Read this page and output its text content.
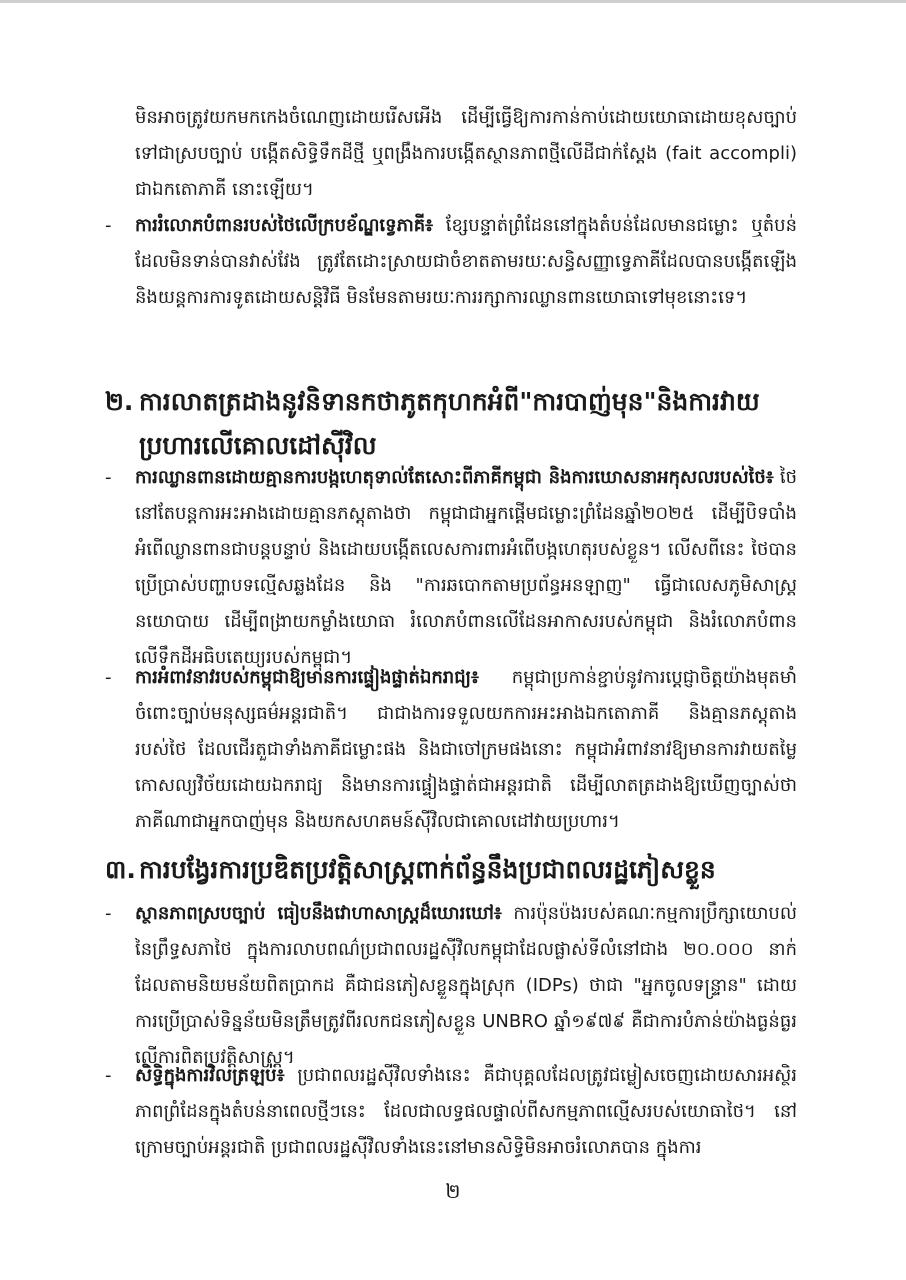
មិនអាចត្រូវយកមកកេងចំណេញដោយរើសអើង ដើម្បីធ្វើឱ្យការកាន់កាប់ដោយយោធាដោយខុសច្បាប់ទៅជាស្របច្បាប់ បង្កើតសិទ្ធិទឹកដីថ្មី ឬពង្រឹងការបង្កើតស្ថានភាពថ្មីលើដីជាក់ស្តែង (fait accompli) ជាឯកតោភាគី នោះឡើយ។

-	ការរំលោភបំពានរបស់ថៃលើក្របខ័ណ្ឌទ្វេភាគី៖ ខ្សែបន្ទាត់ព្រំដែននៅក្នុងតំបន់ដែលមានជម្លោះ ឬតំបន់ដែលមិនទាន់បានវាស់វែង ត្រូវតែដោះស្រាយជាចំខាតតាមរយៈសន្ធិសញ្ញាទ្វេភាគីដែលបានបង្កើតឡើង និងយន្តការការទូតដោយសន្តិវិធី មិនមែនតាមរយៈការរក្សាការឈ្លានពានយោធាទៅមុខនោះទេ។
២. ការលាតត្រដាងនូវនិទានកថាភូតកុហកអំពី"ការបាញ់មុន"និងការវាយប្រហារលើគោលដៅស៊ីវិល
-	ការឈ្លានពានដោយគ្មានការបង្កហេតុទាល់តែសោះពីភាគីកម្ពុជា និងការឃោសនាអកុសលរបស់ថៃ៖ ថៃនៅតែបន្តការអះអាងដោយគ្មានភស្តុតាងថា កម្ពុជាជាអ្នកផ្តើមជម្លោះព្រំដែនឆ្នាំ២០២៥ ដើម្បីបិទបាំងអំពើឈ្លានពានជាបន្តបន្ទាប់ និងដោយបង្កើតលេសការពារអំពើបង្កហេតុរបស់ខ្លួន។ លើសពីនេះ ថៃបានប្រើប្រាស់បញ្ហាបទល្មើសឆ្លងដែន និង "ការឆបោកតាមប្រព័ន្ធអនឡាញ" ធ្វើជាលេសភូមិសាស្ត្រនយោបាយ ដើម្បីពង្រាយកម្លាំងយោធា រំលោភបំពានលើដែនអាកាសរបស់កម្ពុជា និងរំលោភបំពានលើទឹកដីអធិបតេយ្យរបស់កម្ពុជា។
-	ការអំពាវនាវរបស់កម្ពុជាឱ្យមានការផ្ទៀងផ្ទាត់ឯករាជ្យ៖ កម្ពុជាប្រកាន់ខ្ជាប់នូវការប្តេជ្ញាចិត្តយ៉ាងមុតមាំចំពោះច្បាប់មនុស្សធម៌អន្តរជាតិ។ ជាជាងការទទួលយកការអះអាងឯកតោភាគី និងគ្មានភស្តុតាងរបស់ថៃ ដែលជើរតួជាទាំងភាគីជម្លោះផង និងជាចៅក្រមផងនោះ កម្ពុជាអំពាវនាវឱ្យមានការវាយតម្លៃកោសល្យវិច័យដោយឯករាជ្យ និងមានការផ្ទៀងផ្ទាត់ជាអន្តរជាតិ ដើម្បីលាតត្រដាងឱ្យឃើញច្បាស់ថា ភាគីណាជាអ្នកបាញ់មុន និងយកសហគមន៍ស៊ីវិលជាគោលដៅវាយប្រហារ។
៣. ការបង្វែរការប្រឌិតប្រវត្តិសាស្ត្រពាក់ព័ន្ធនឹងប្រជាពលរដ្ឋភៀសខ្លួន
-	ស្ថានភាពស្របច្បាប់ ធៀបនឹងវោហាសាស្ត្រដ៏ឃោរឃៅ៖ ការប៉ុនប៉ងរបស់គណៈកម្មការប្រឹក្សាយោបល់នៃព្រឹទ្ធសភាថៃ ក្នុងការលាបពណ៌ប្រជាពលរដ្ឋស៊ីវិលកម្ពុជាដែលផ្លាស់ទីលំនៅជាង ២០.០០០ នាក់ ដែលតាមនិយមន័យពិតប្រាកដ គឺជាជនភៀសខ្លួនក្នុងស្រុក (IDPs) ថាជា "អ្នកចូលទន្ទ្រាន" ដោយការប្រើប្រាស់ទិន្នន័យមិនត្រឹមត្រូវពីរលកជនភៀសខ្លួន UNBRO ឆ្នាំ១៩៧៩ គឺជាការបំភាន់យ៉ាងធ្ងន់ធ្ងរលើការពិតប្រវត្តិសាស្ត្រ។
-	សិទ្ធិក្នុងការវិលត្រឡប់៖ ប្រជាពលរដ្ឋស៊ីវិលទាំងនេះ គឺជាបុគ្គលដែលត្រូវជម្លៀសចេញដោយសារអស្ថិរភាពព្រំដែនក្នុងតំបន់នាពេលថ្មីៗនេះ ដែលជាលទ្ធផលផ្ទាល់ពីសកម្មភាពល្មើសរបស់យោធាថៃ។ នៅក្រោមច្បាប់អន្តរជាតិ ប្រជាពលរដ្ឋស៊ីវិលទាំងនេះនៅមានសិទ្ធិមិនអាចរំលោភបាន ក្នុងការ
២
